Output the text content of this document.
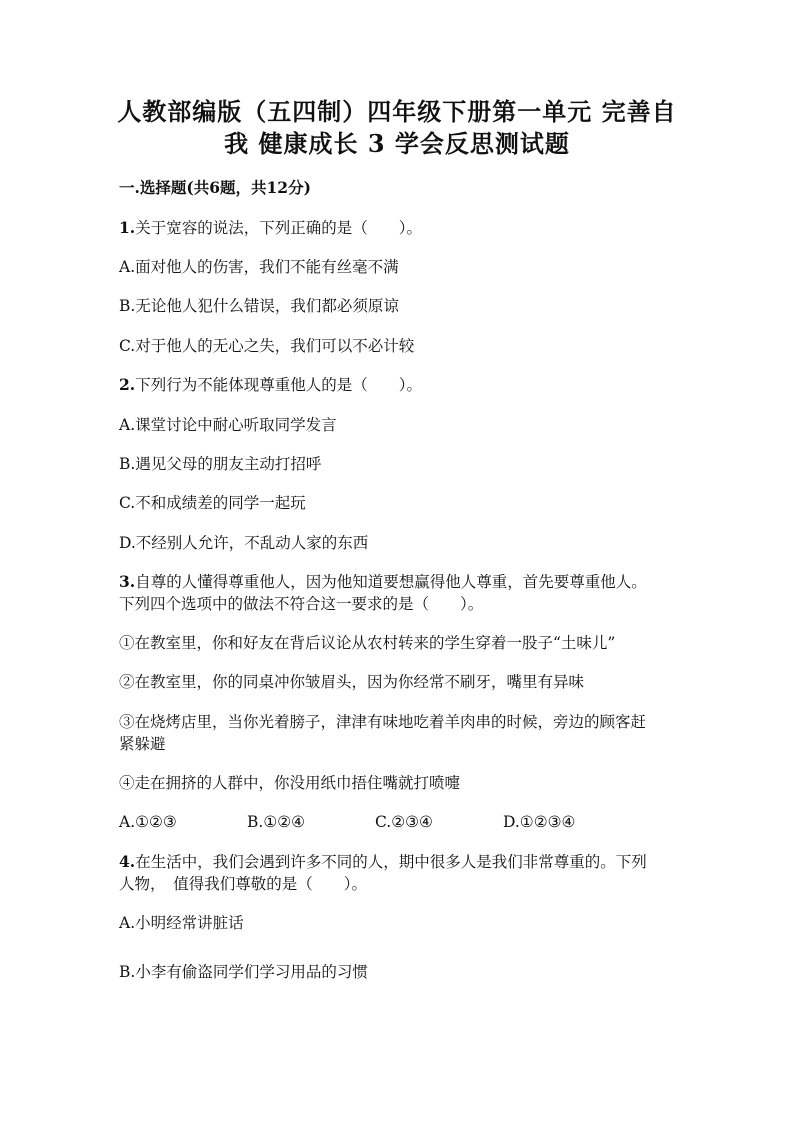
人教部编版（五四制）四年级下册第一单元 完善自
我 健康成长 3 学会反思测试题
一.选择题(共6题，共12分)
1.关于宽容的说法，下列正确的是（　　）。
A.面对他人的伤害，我们不能有丝毫不满
B.无论他人犯什么错误，我们都必须原谅
C.对于他人的无心之失，我们可以不必计较
2.下列行为不能体现尊重他人的是（　　）。
A.课堂讨论中耐心听取同学发言
B.遇见父母的朋友主动打招呼
C.不和成绩差的同学一起玩
D.不经别人允许，不乱动人家的东西
3.自尊的人懂得尊重他人，因为他知道要想赢得他人尊重，首先要尊重他人。
下列四个选项中的做法不符合这一要求的是（　　）。
①在教室里，你和好友在背后议论从农村转来的学生穿着一股子“土味儿”
②在教室里，你的同桌冲你皱眉头，因为你经常不刷牙，嘴里有异味
③在烧烤店里，当你光着膀子，津津有味地吃着羊肉串的时候，旁边的顾客赶
紧躲避
④走在拥挤的人群中，你没用纸巾捂住嘴就打喷嚏
A.①②③	B.①②④	C.②③④	D.①②③④
4.在生活中，我们会遇到许多不同的人，期中很多人是我们非常尊重的。下列
人物，　值得我们尊敬的是（　　）。
A.小明经常讲脏话
B.小李有偷盗同学们学习用品的习惯
